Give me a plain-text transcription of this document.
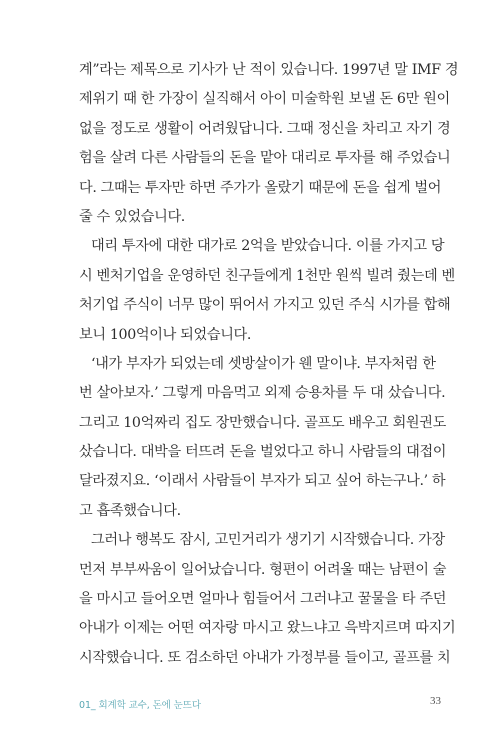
계”라는 제목으로 기사가 난 적이 있습니다. 1997년 말 IMF 경
제위기 때 한 가장이 실직해서 아이 미술학원 보낼 돈 6만 원이
없을 정도로 생활이 어려웠답니다. 그때 정신을 차리고 자기 경
험을 살려 다른 사람들의 돈을 맡아 대리로 투자를 해 주었습니
다. 그때는 투자만 하면 주가가 올랐기 때문에 돈을 쉽게 벌어
줄 수 있었습니다.
대리 투자에 대한 대가로 2억을 받았습니다. 이를 가지고 당
시 벤처기업을 운영하던 친구들에게 1천만 원씩 빌려 줬는데 벤
처기업 주식이 너무 많이 뛰어서 가지고 있던 주식 시가를 합해
보니 100억이나 되었습니다.
‘내가 부자가 되었는데 셋방살이가 웬 말이냐. 부자처럼 한
번 살아보자.’ 그렇게 마음먹고 외제 승용차를 두 대 샀습니다.
그리고 10억짜리 집도 장만했습니다. 골프도 배우고 회원권도
샀습니다. 대박을 터뜨려 돈을 벌었다고 하니 사람들의 대접이
달라졌지요. ‘이래서 사람들이 부자가 되고 싶어 하는구나.’ 하
고 흡족했습니다.
그러나 행복도 잠시, 고민거리가 생기기 시작했습니다. 가장
먼저 부부싸움이 일어났습니다. 형편이 어려울 때는 남편이 술
을 마시고 들어오면 얼마나 힘들어서 그러냐고 꿀물을 타 주던
아내가 이제는 어떤 여자랑 마시고 왔느냐고 윽박지르며 따지기
시작했습니다. 또 검소하던 아내가 가정부를 들이고, 골프를 치
01_ 회계학 교수, 돈에 눈뜨다	33
